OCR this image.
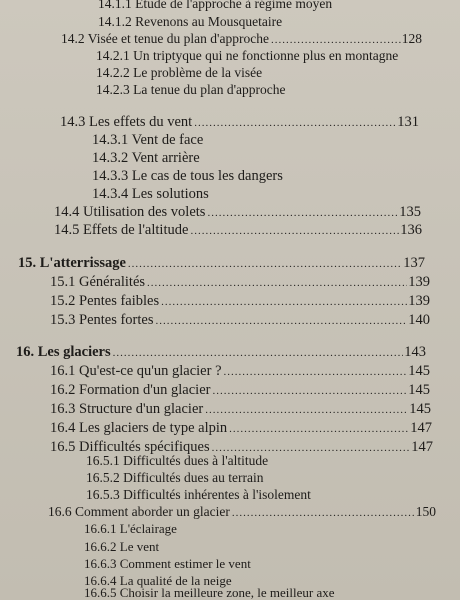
14.1.1 Etude de l'approche à régime moyen
14.1.2 Revenons au Mousquetaire
14.2 Visée et tenue du plan d'approche .....	128
14.2.1 Un triptyque qui ne fonctionne plus en montagne
14.2.2 Le problème de la visée
14.2.3 La tenue du plan d'approche
14.3 Les effets du vent .....	131
14.3.1 Vent de face
14.3.2 Vent arrière
14.3.3 Le cas de tous les dangers
14.3.4 Les solutions
14.4 Utilisation des volets .....	135
14.5 Effets de l'altitude .....	136
15. L'atterrissage .....	137
15.1 Généralités .....	139
15.2 Pentes faibles .....	139
15.3 Pentes fortes .....	140
16. Les glaciers .....	143
16.1 Qu'est-ce qu'un glacier ? .....	145
16.2 Formation d'un glacier .....	145
16.3 Structure d'un glacier .....	145
16.4 Les glaciers de type alpin .....	147
16.5 Difficultés spécifiques .....	147
16.5.1 Difficultés dues à l'altitude
16.5.2 Difficultés dues au terrain
16.5.3 Difficultés inhérentes à l'isolement
16.6 Comment aborder un glacier .....	150
16.6.1 L'éclairage
16.6.2 Le vent
16.6.3 Comment estimer le vent
16.6.4 La qualité de la neige
16.6.5 Choisir la meilleure zone, le meilleur axe
